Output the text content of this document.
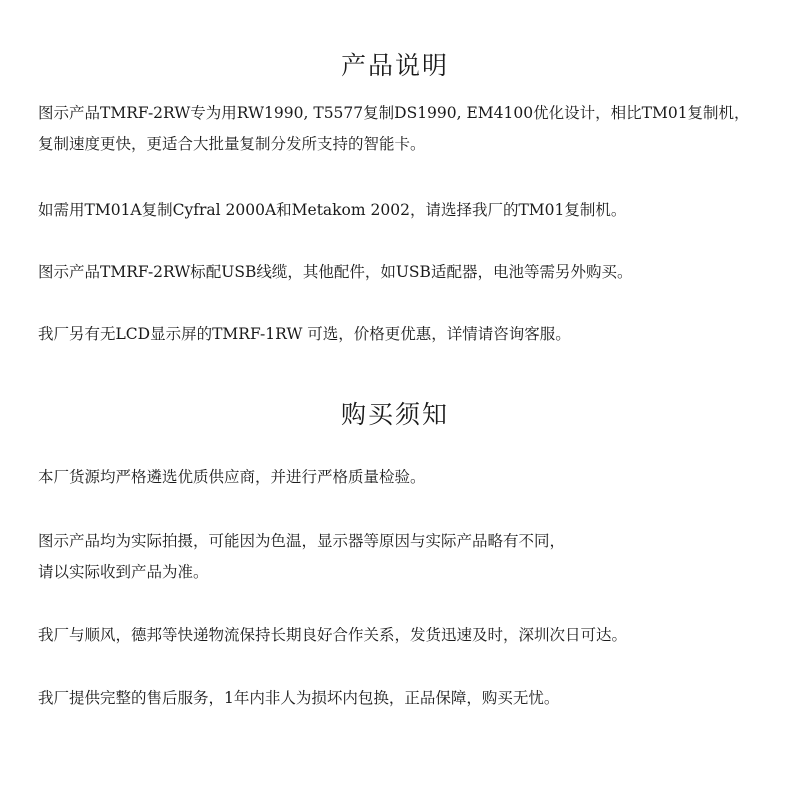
产品说明

图示产品TMRF-2RW专为用RW1990, T5577复制DS1990, EM4100优化设计，相比TM01复制机，
复制速度更快，更适合大批量复制分发所支持的智能卡。

如需用TM01A复制Cyfral 2000A和Metakom 2002，请选择我厂的TM01复制机。

图示产品TMRF-2RW标配USB线缆，其他配件，如USB适配器，电池等需另外购买。

我厂另有无LCD显示屏的TMRF-1RW 可选，价格更优惠，详情请咨询客服。

购买须知

本厂货源均严格遴选优质供应商，并进行严格质量检验。

图示产品均为实际拍摄，可能因为色温，显示器等原因与实际产品略有不同，
请以实际收到产品为准。

我厂与顺风，德邦等快递物流保持长期良好合作关系，发货迅速及时，深圳次日可达。

我厂提供完整的售后服务，1年内非人为损坏内包换，正品保障，购买无忧。
